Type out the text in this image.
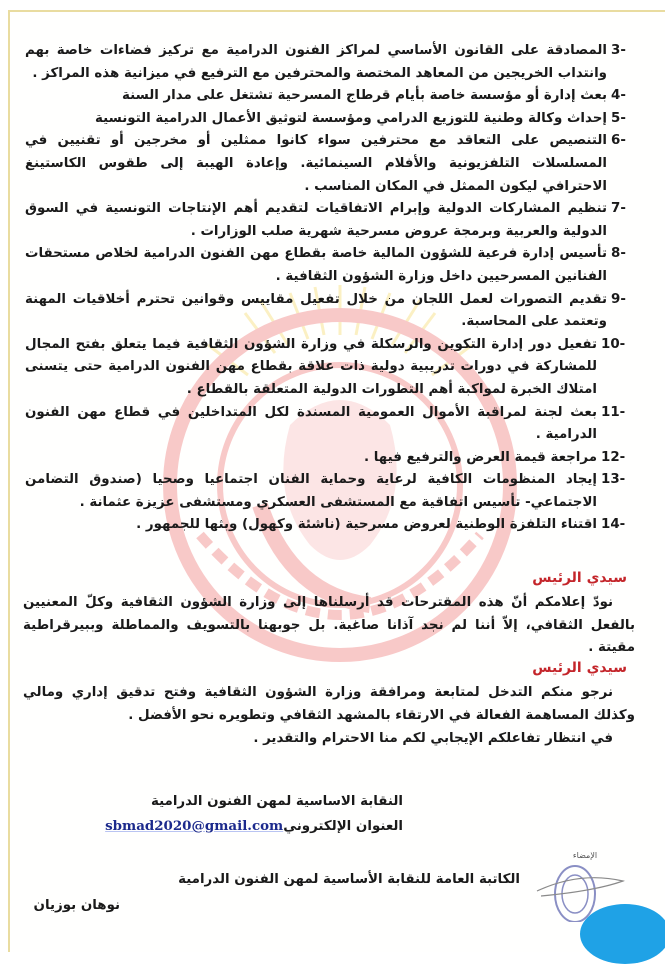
3-
المصادقة على القانون الأساسي لمراكز الفنون الدرامية مع تركيز فضاءات خاصة بهم وانتداب الخريجين من المعاهد المختصة والمحترفين مع الترفيع في ميزانية هذه المراكز .
4-
بعث إدارة أو مؤسسة خاصة بأيام قرطاج المسرحية تشتغل على مدار السنة
5-
إحداث وكالة وطنية للتوزيع الدرامي ومؤسسة لتوثيق الأعمال الدرامية التونسية
6-
التنصيص على التعاقد مع محترفين سواء كانوا ممثلين أو مخرجين أو تقنيين في المسلسلات التلفزيونية والأفلام السينمائية. وإعادة الهيبة إلى طقوس الكاستينغ الاحترافي ليكون الممثل في المكان المناسب .
7-
تنظيم المشاركات الدولية وإبرام الاتفاقيات لتقديم أهم الإنتاجات التونسية في السوق الدولية والعربية وبرمجة عروض مسرحية شهرية صلب الوزارات .
8-
تأسيس إدارة فرعية للشؤون المالية خاصة بقطاع مهن الفنون الدرامية لخلاص مستحقات الفنانين المسرحيين داخل وزارة الشؤون الثقافية .
9-
تقديم التصورات لعمل اللجان من خلال تفعيل مقاييس وقوانين تحترم أخلاقيات المهنة وتعتمد على المحاسبة.
10-
تفعيل دور إدارة التكوين والرسكلة في وزارة الشؤون الثقافية فيما يتعلق بفتح المجال للمشاركة في دورات تدريبية دولية ذات علاقة بقطاع مهن الفنون الدرامية حتى يتسنى امتلاك الخبرة لمواكبة أهم التطورات الدولية المتعلقة بالقطاع .
11-
بعث لجنة لمراقبة الأموال العمومية المسندة لكل المتداخلين في قطاع مهن الفنون الدرامية .
12-
مراجعة قيمة العرض والترفيع فيها .
13-
إيجاد المنظومات الكافية لرعاية وحماية الفنان اجتماعيا وصحيا (صندوق التضامن الاجتماعي- تأسيس اتفاقية مع المستشفى العسكري ومستشفى عزيزة عثمانة .
14-
اقتناء التلفزة الوطنية لعروض مسرحية (ناشئة وكهول) وبثها للجمهور .
سيدي الرئيس
نودّ إعلامكم أنّ هذه المقترحات قد أرسلناها إلى وزارة الشؤون الثقافية وكلّ المعنيين بالفعل الثقافي، إلاّ أننا لم نجد آذانا صاغية. بل جوبهنا بالتسويف والمماطلة وببيرقراطية مقيتة .
سيدي الرئيس
نرجو منكم التدخل لمتابعة ومرافقة وزارة الشؤون الثقافية وفتح تدقيق إداري ومالي وكذلك المساهمة الفعالة في الارتقاء بالمشهد الثقافي وتطويره نحو الأفضل .
في انتظار تفاعلكم الإيجابي لكم منا الاحترام والتقدير .
النقابة الاساسية لمهن الفنون الدرامية
العنوان الإلكترونيsbmad2020@gmail.com
الكاتبة العامة للنقابة الأساسية لمهن الفنون الدرامية
نوهان بوزيان
الإمضاء
